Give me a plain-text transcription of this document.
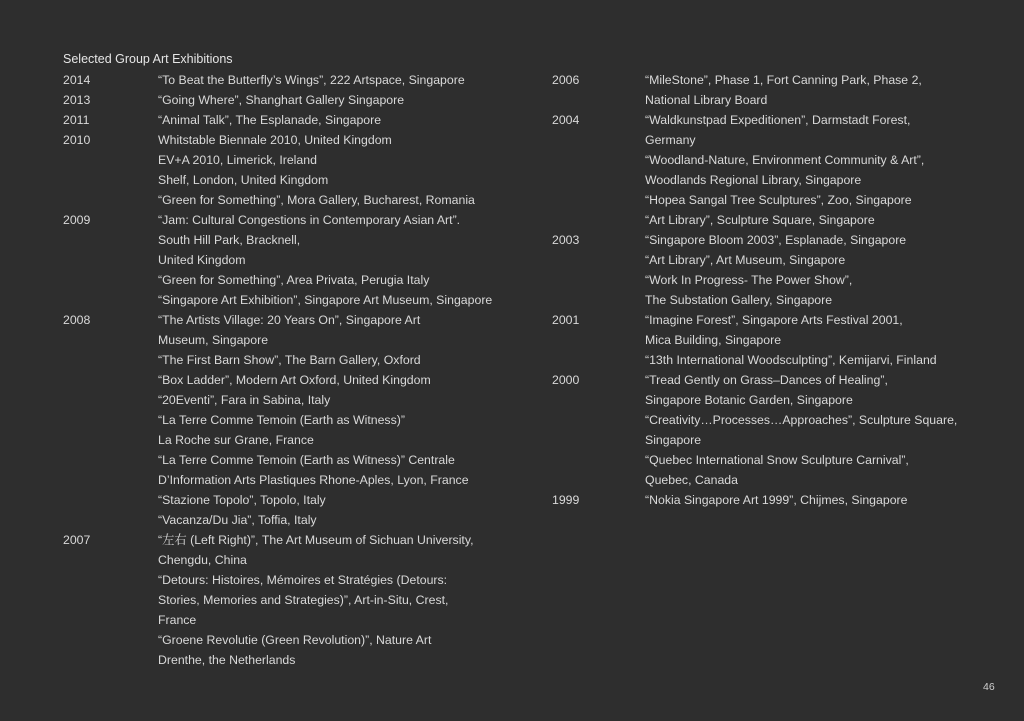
Selected Group Art Exhibitions
2014	“To Beat the Butterfly’s Wings”, 222 Artspace, Singapore
2013	“Going Where”, Shanghart Gallery Singapore
2011	“Animal Talk”, The Esplanade, Singapore
2010	Whitstable Biennale 2010, United Kingdom
EV+A 2010, Limerick, Ireland
Shelf, London, United Kingdom
“Green for Something”, Mora Gallery, Bucharest, Romania
2009	“Jam: Cultural Congestions in Contemporary Asian Art”.
South Hill Park, Bracknell,
United Kingdom
“Green for Something”, Area Privata, Perugia Italy
“Singapore Art Exhibition”, Singapore Art Museum, Singapore
2008	“The Artists Village: 20 Years On”, Singapore Art
Museum, Singapore
“The First Barn Show”, The Barn Gallery, Oxford
“Box Ladder”, Modern Art Oxford, United Kingdom
“20Eventi”, Fara in Sabina, Italy
“La Terre Comme Temoin (Earth as Witness)”
La Roche sur Grane, France
“La Terre Comme Temoin (Earth as Witness)” Centrale
D’Information Arts Plastiques Rhone-Aples, Lyon, France
“Stazione Topolo”, Topolo, Italy
“Vacanza/Du Jia”, Toffia, Italy
2007	“左右 (Left Right)”, The Art Museum of Sichuan University,
Chengdu, China
“Detours: Histoires, Mémoires et Stratégies (Detours:
Stories, Memories and Strategies)”, Art-in-Situ, Crest,
France
“Groene Revolutie (Green Revolution)”, Nature Art
Drenthe, the Netherlands
2006	“MileStone”, Phase 1, Fort Canning Park, Phase 2,
National Library Board
2004	“Waldkunstpad Expeditionen”, Darmstadt Forest,
Germany
“Woodland-Nature, Environment Community & Art”,
Woodlands Regional Library, Singapore
“Hopea Sangal Tree Sculptures”, Zoo, Singapore
“Art Library”, Sculpture Square, Singapore
2003	“Singapore Bloom 2003”, Esplanade, Singapore
“Art Library”, Art Museum, Singapore
“Work In Progress- The Power Show”,
The Substation Gallery, Singapore
2001	“Imagine Forest”, Singapore Arts Festival 2001,
Mica Building, Singapore
“13th International Woodsculpting”, Kemijarvi, Finland
2000	“Tread Gently on Grass–Dances of Healing”,
Singapore Botanic Garden, Singapore
“Creativity…Processes…Approaches”, Sculpture Square,
Singapore
“Quebec International Snow Sculpture Carnival”,
Quebec, Canada
1999	“Nokia Singapore Art 1999”, Chijmes, Singapore
46
